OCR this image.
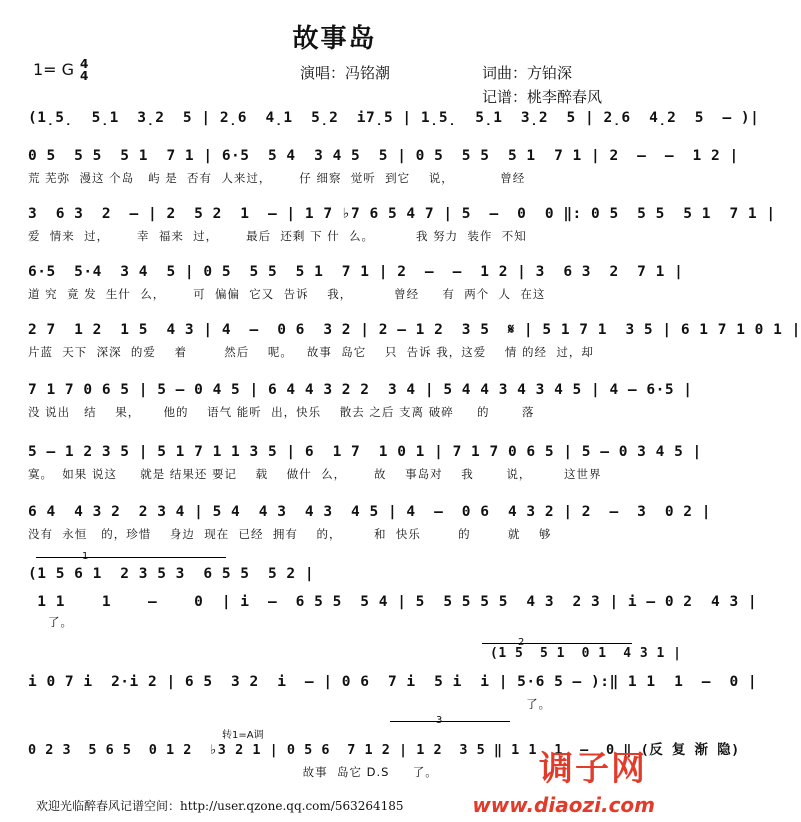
故事岛
1= G 4
4	演唱：冯铭潮	词曲：方铂深
记谱：桃李醉春风
(1̣5̣  5̣1  3̣2  5 | 2̣6  4̣1  5̣2  i7̣5 | 1̣5̣  5̣1  3̣2  5 | 2̣6  4̣2  5  – )|
0 5  5 5  5 1  7 1 | 6·5  5 4  3 4 5  5 | 0 5  5 5  5 1  7 1 | 2  –  –  1 2 |
荒 芜弥  漫这 个岛   屿 是  否有  人来过，      仔 细察  觉听  到它    说，          曾经
3  6 3  2  – | 2  5 2  1  – | 1 7 ♭7 6 5 4 7 | 5  –  0  0 ‖: 0 5  5 5  5 1  7 1 |
爱  情来  过，      幸  福来  过，      最后  还剩 下 什  么。         我 努力  装作  不知
6·5  5·4  3 4  5 | 0 5  5 5  5 1  7 1 | 2  –  –  1 2 | 3  6 3  2  7 1 |
道 究  竟 发  生什  么，      可  偏偏  它又  告诉    我，         曾经     有  两个  人  在这
2 7  1 2  1 5  4 3 | 4  –  0 6  3 2 | 2 – 1 2  3 5  𝄋 | 5 1 7 1  3 5 | 6 1 7 1 0 1 |
片蓝  天下  深深  的爱    着        然后    呢。   故事  岛它    只  告诉 我，这爱    情 的经  过，却
7 1 7 0 6 5 | 5 – 0 4 5 | 6 4 4 3 2 2  3 4 | 5 4 4 3 4 3 4 5 | 4 – 6·5 |
没 说出   结    果，     他的    语气 能听  出，快乐    散去 之后 支离 破碎     的       落
5 – 1 2 3 5 | 5 1 7 1 1 3 5 | 6  1 7  1 0 1 | 7 1 7 0 6 5 | 5 – 0 3 4 5 |
寞。  如果 说这     就是 结果还 要记    载    做什  么，      故    事岛对    我       说，       这世界
6 4  4 3 2  2 3 4 | 5 4  4 3  4 3  4 5 | 4  –  0 6  4 3 2 | 2  –  3  0 2 |
没有  永恒   的，珍惜    身边  现在  已经  拥有    的，       和  快乐        的        就    够
(1 5 6 1  2 3 5 3  6 5 5  5 2 |
1 1    1    –    0  | i  –  6 5 5  5 4 | 5  5 5 5 5  4 3  2 3 | i – 0 2  4 3 |
了。
(1 5  5 1  0 1  4 3 1 |
i 0 7 i  2·i 2 | 6 5  3 2  i  – | 0 6  7 i  5 i  i | 5·6 5 – ):‖ 1 1  1  –  0 |
了。
转1=A调
0 2 3  5 6 5  0 1 2  ♭3 2 1 | 0 5 6  7 1 2 | 1 2  3 5 ‖ 1 1  1  –  0 ‖ (反 复 渐 隐)
故事  岛它 D.S     了。
欢迎光临醉春风记谱空间：http://user.qzone.qq.com/563264185
调子网
www.diaozi.com
